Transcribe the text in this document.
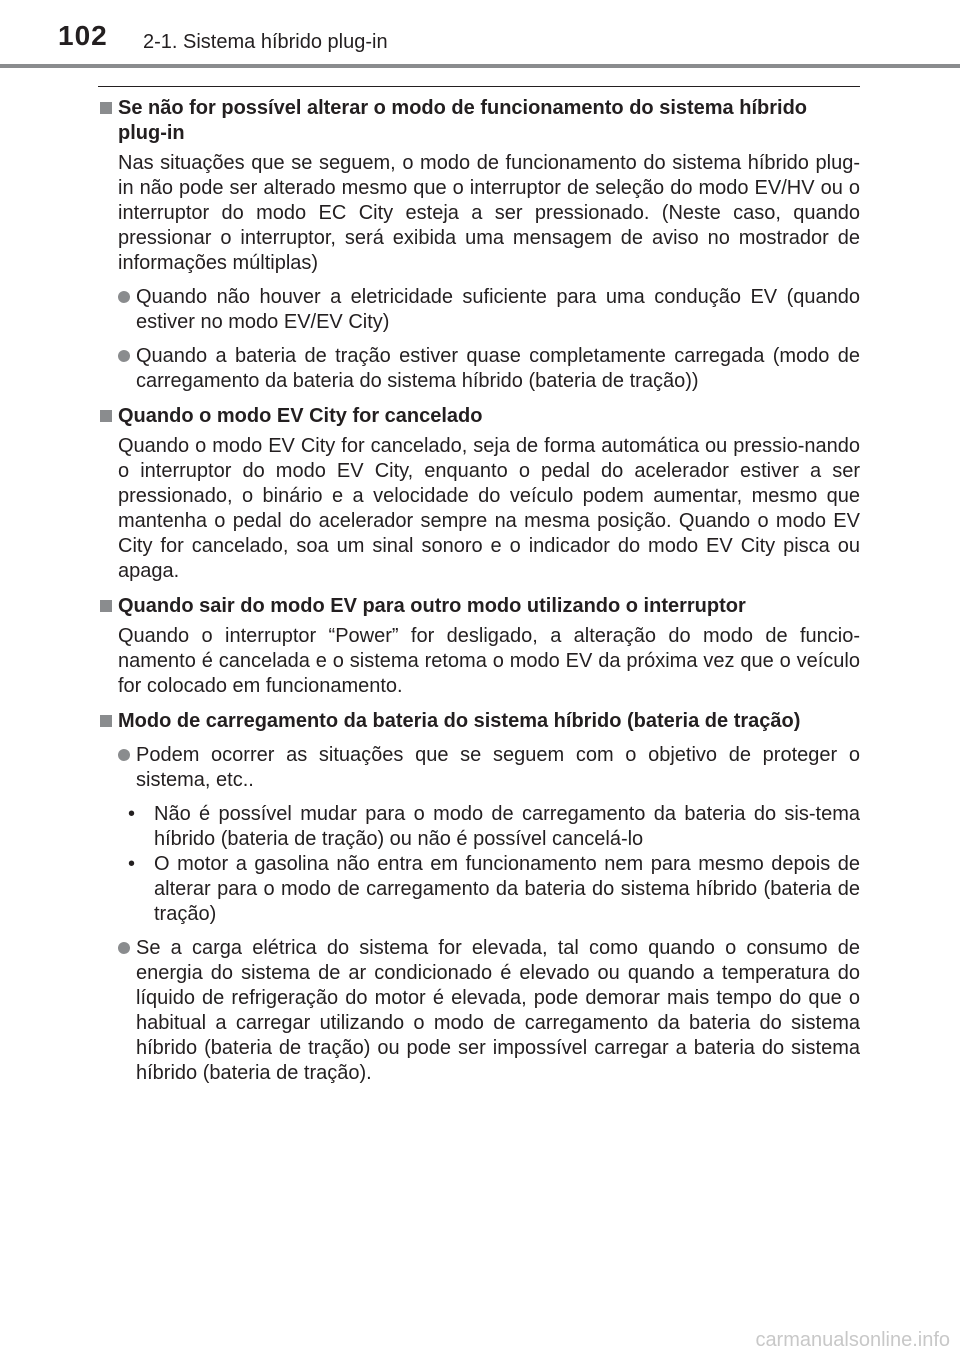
102 2-1. Sistema híbrido plug-in
Se não for possível alterar o modo de funcionamento do sistema híbrido plug-in
Nas situações que se seguem, o modo de funcionamento do sistema híbrido plug-in não pode ser alterado mesmo que o interruptor de seleção do modo EV/HV ou o interruptor do modo EC City esteja a ser pressionado. (Neste caso, quando pressionar o interruptor, será exibida uma mensagem de aviso no mostrador de informações múltiplas)
Quando não houver a eletricidade suficiente para uma condução EV (quando estiver no modo EV/EV City)
Quando a bateria de tração estiver quase completamente carregada (modo de carregamento da bateria do sistema híbrido (bateria de tração))
Quando o modo EV City for cancelado
Quando o modo EV City for cancelado, seja de forma automática ou pressio-nando o interruptor do modo EV City, enquanto o pedal do acelerador estiver a ser pressionado, o binário e a velocidade do veículo podem aumentar, mesmo que mantenha o pedal do acelerador sempre na mesma posição. Quando o modo EV City for cancelado, soa um sinal sonoro e o indicador do modo EV City pisca ou apaga.
Quando sair do modo EV para outro modo utilizando o interruptor
Quando o interruptor “Power” for desligado, a alteração do modo de funcio-namento é cancelada e o sistema retoma o modo EV da próxima vez que o veículo for colocado em funcionamento.
Modo de carregamento da bateria do sistema híbrido (bateria de tração)
Podem ocorrer as situações que se seguem com o objetivo de proteger o sistema, etc..
• Não é possível mudar para o modo de carregamento da bateria do sis-tema híbrido (bateria de tração) ou não é possível cancelá-lo
• O motor a gasolina não entra em funcionamento nem para mesmo depois de alterar para o modo de carregamento da bateria do sistema híbrido (bateria de tração)
Se a carga elétrica do sistema for elevada, tal como quando o consumo de energia do sistema de ar condicionado é elevado ou quando a temperatura do líquido de refrigeração do motor é elevada, pode demorar mais tempo do que o habitual a carregar utilizando o modo de carregamento da bateria do sistema híbrido (bateria de tração) ou pode ser impossível carregar a bateria do sistema híbrido (bateria de tração).
carmanualsonline.info
